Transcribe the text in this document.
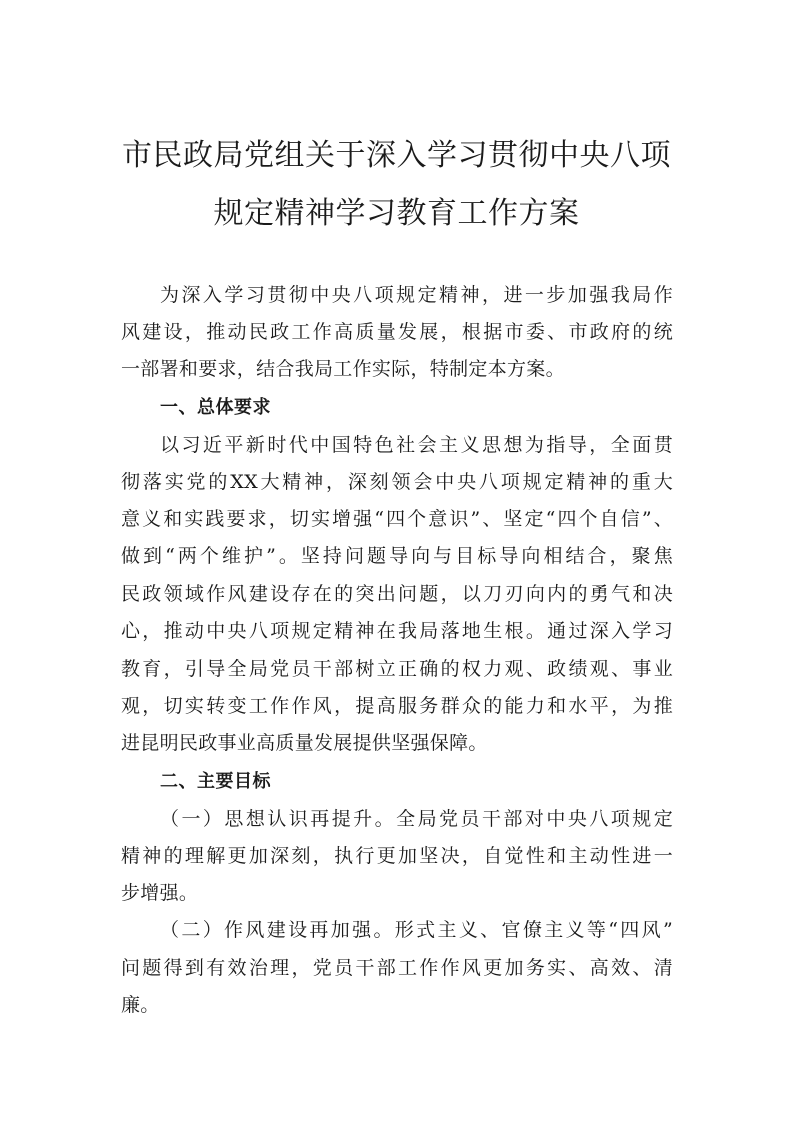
市民政局党组关于深入学习贯彻中央八项
规定精神学习教育工作方案
为深入学习贯彻中央八项规定精神，进一步加强我局作
风建设，推动民政工作高质量发展，根据市委、市政府的统
一部署和要求，结合我局工作实际，特制定本方案。
一、总体要求
以习近平新时代中国特色社会主义思想为指导，全面贯
彻落实党的XX大精神，深刻领会中央八项规定精神的重大
意义和实践要求，切实增强“四个意识”、坚定“四个自信”、
做到“两个维护”。坚持问题导向与目标导向相结合，聚焦
民政领域作风建设存在的突出问题，以刀刃向内的勇气和决
心，推动中央八项规定精神在我局落地生根。通过深入学习
教育，引导全局党员干部树立正确的权力观、政绩观、事业
观，切实转变工作作风，提高服务群众的能力和水平，为推
进昆明民政事业高质量发展提供坚强保障。
二、主要目标
（一）思想认识再提升。全局党员干部对中央八项规定
精神的理解更加深刻，执行更加坚决，自觉性和主动性进一
步增强。
（二）作风建设再加强。形式主义、官僚主义等“四风”
问题得到有效治理，党员干部工作作风更加务实、高效、清
廉。
